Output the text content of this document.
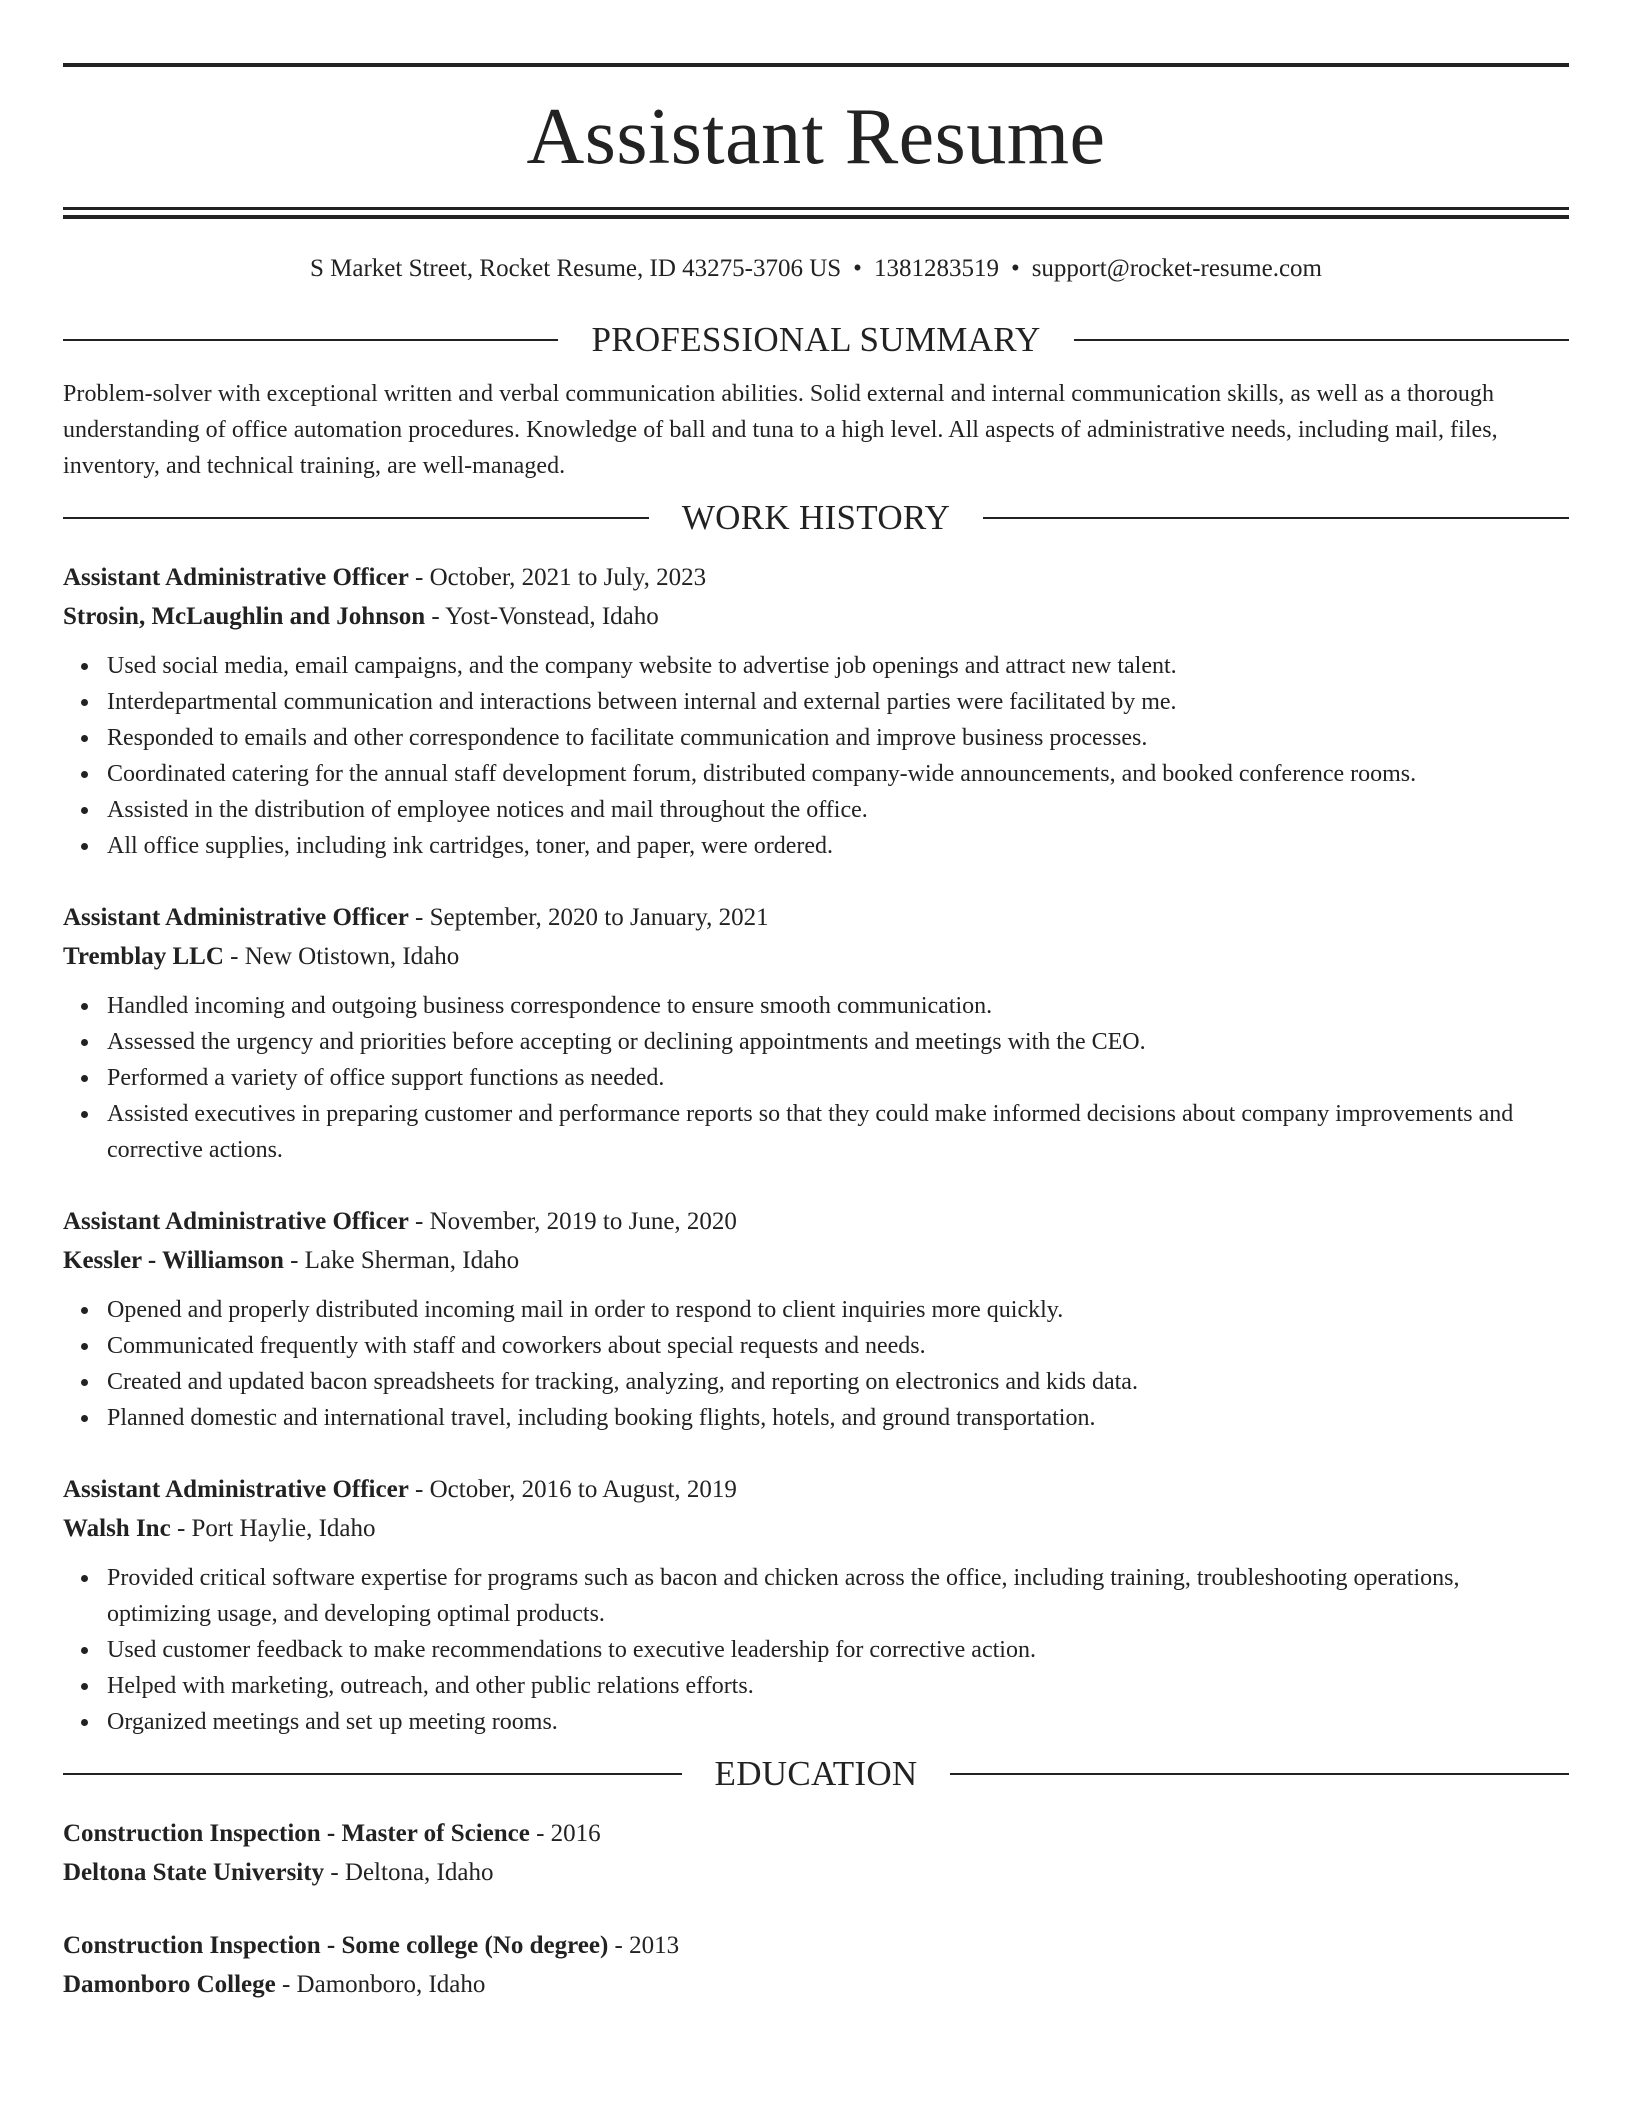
Assistant Resume
S Market Street, Rocket Resume, ID 43275-3706 US • 1381283519 • support@rocket-resume.com
PROFESSIONAL SUMMARY

Problem-solver with exceptional written and verbal communication abilities. Solid external and internal communication skills, as well as a thorough understanding of office automation procedures. Knowledge of ball and tuna to a high level. All aspects of administrative needs, including mail, files, inventory, and technical training, are well-managed.

WORK HISTORY

Assistant Administrative Officer - October, 2021 to July, 2023

Strosin, McLaughlin and Johnson - Yost-Vonstead, Idaho

Used social media, email campaigns, and the company website to advertise job openings and attract new talent.
Interdepartmental communication and interactions between internal and external parties were facilitated by me.
Responded to emails and other correspondence to facilitate communication and improve business processes.
Coordinated catering for the annual staff development forum, distributed company-wide announcements, and booked conference rooms.
Assisted in the distribution of employee notices and mail throughout the office.
All office supplies, including ink cartridges, toner, and paper, were ordered.

Assistant Administrative Officer - September, 2020 to January, 2021

Tremblay LLC - New Otistown, Idaho

Handled incoming and outgoing business correspondence to ensure smooth communication.
Assessed the urgency and priorities before accepting or declining appointments and meetings with the CEO.
Performed a variety of office support functions as needed.
Assisted executives in preparing customer and performance reports so that they could make informed decisions about company improvements and corrective actions.

Assistant Administrative Officer - November, 2019 to June, 2020

Kessler - Williamson - Lake Sherman, Idaho

Opened and properly distributed incoming mail in order to respond to client inquiries more quickly.
Communicated frequently with staff and coworkers about special requests and needs.
Created and updated bacon spreadsheets for tracking, analyzing, and reporting on electronics and kids data.
Planned domestic and international travel, including booking flights, hotels, and ground transportation.

Assistant Administrative Officer - October, 2016 to August, 2019

Walsh Inc - Port Haylie, Idaho

Provided critical software expertise for programs such as bacon and chicken across the office, including training, troubleshooting operations, optimizing usage, and developing optimal products.
Used customer feedback to make recommendations to executive leadership for corrective action.
Helped with marketing, outreach, and other public relations efforts.
Organized meetings and set up meeting rooms.
EDUCATION

Construction Inspection - Master of Science - 2016

Deltona State University - Deltona, Idaho

Construction Inspection - Some college (No degree) - 2013

Damonboro College - Damonboro, Idaho
